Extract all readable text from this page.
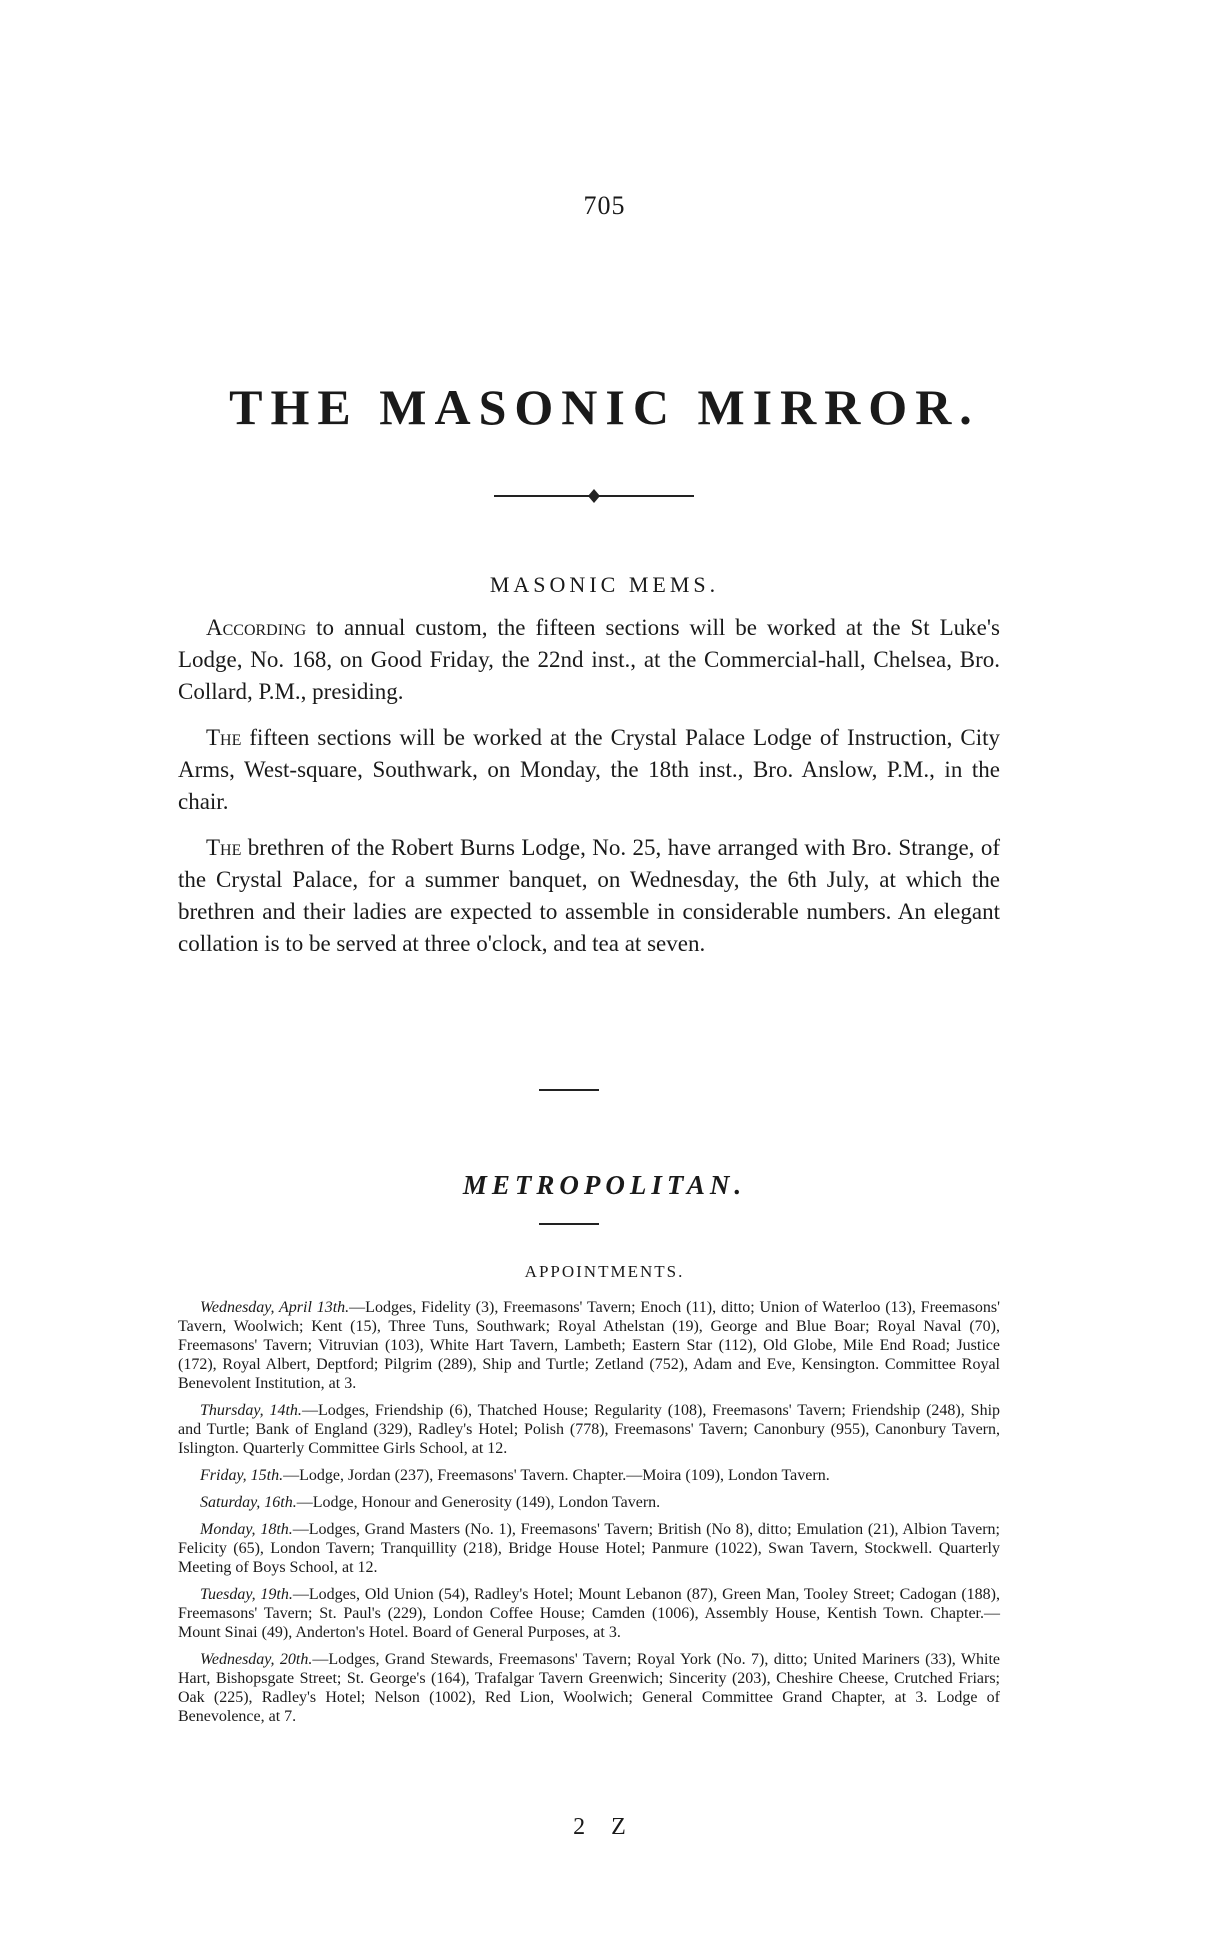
705
THE MASONIC MIRROR.
MASONIC MEMS.

According to annual custom, the fifteen sections will be worked at the St Luke's Lodge, No. 168, on Good Friday, the 22nd inst., at the Commercial-hall, Chelsea, Bro. Collard, P.M., presiding.

The fifteen sections will be worked at the Crystal Palace Lodge of Instruction, City Arms, West-square, Southwark, on Monday, the 18th inst., Bro. Anslow, P.M., in the chair.

The brethren of the Robert Burns Lodge, No. 25, have arranged with Bro. Strange, of the Crystal Palace, for a summer banquet, on Wednesday, the 6th July, at which the brethren and their ladies are expected to assemble in considerable numbers. An elegant collation is to be served at three o'clock, and tea at seven.

METROPOLITAN.
APPOINTMENTS.

Wednesday, April 13th.—Lodges, Fidelity (3), Freemasons' Tavern; Enoch (11), ditto; Union of Waterloo (13), Freemasons' Tavern, Woolwich; Kent (15), Three Tuns, Southwark; Royal Athelstan (19), George and Blue Boar; Royal Naval (70), Freemasons' Tavern; Vitruvian (103), White Hart Tavern, Lambeth; Eastern Star (112), Old Globe, Mile End Road; Justice (172), Royal Albert, Deptford; Pilgrim (289), Ship and Turtle; Zetland (752), Adam and Eve, Kensington. Committee Royal Benevolent Institution, at 3.

Thursday, 14th.—Lodges, Friendship (6), Thatched House; Regularity (108), Freemasons' Tavern; Friendship (248), Ship and Turtle; Bank of England (329), Radley's Hotel; Polish (778), Freemasons' Tavern; Canonbury (955), Canonbury Tavern, Islington. Quarterly Committee Girls School, at 12.

Friday, 15th.—Lodge, Jordan (237), Freemasons' Tavern. Chapter.—Moira (109), London Tavern.

Saturday, 16th.—Lodge, Honour and Generosity (149), London Tavern.

Monday, 18th.—Lodges, Grand Masters (No. 1), Freemasons' Tavern; British (No 8), ditto; Emulation (21), Albion Tavern; Felicity (65), London Tavern; Tranquillity (218), Bridge House Hotel; Panmure (1022), Swan Tavern, Stockwell. Quarterly Meeting of Boys School, at 12.

Tuesday, 19th.—Lodges, Old Union (54), Radley's Hotel; Mount Lebanon (87), Green Man, Tooley Street; Cadogan (188), Freemasons' Tavern; St. Paul's (229), London Coffee House; Camden (1006), Assembly House, Kentish Town. Chapter.—Mount Sinai (49), Anderton's Hotel. Board of General Purposes, at 3.

Wednesday, 20th.—Lodges, Grand Stewards, Freemasons' Tavern; Royal York (No. 7), ditto; United Mariners (33), White Hart, Bishopsgate Street; St. George's (164), Trafalgar Tavern Greenwich; Sincerity (203), Cheshire Cheese, Crutched Friars; Oak (225), Radley's Hotel; Nelson (1002), Red Lion, Woolwich; General Committee Grand Chapter, at 3. Lodge of Benevolence, at 7.

2 Z
